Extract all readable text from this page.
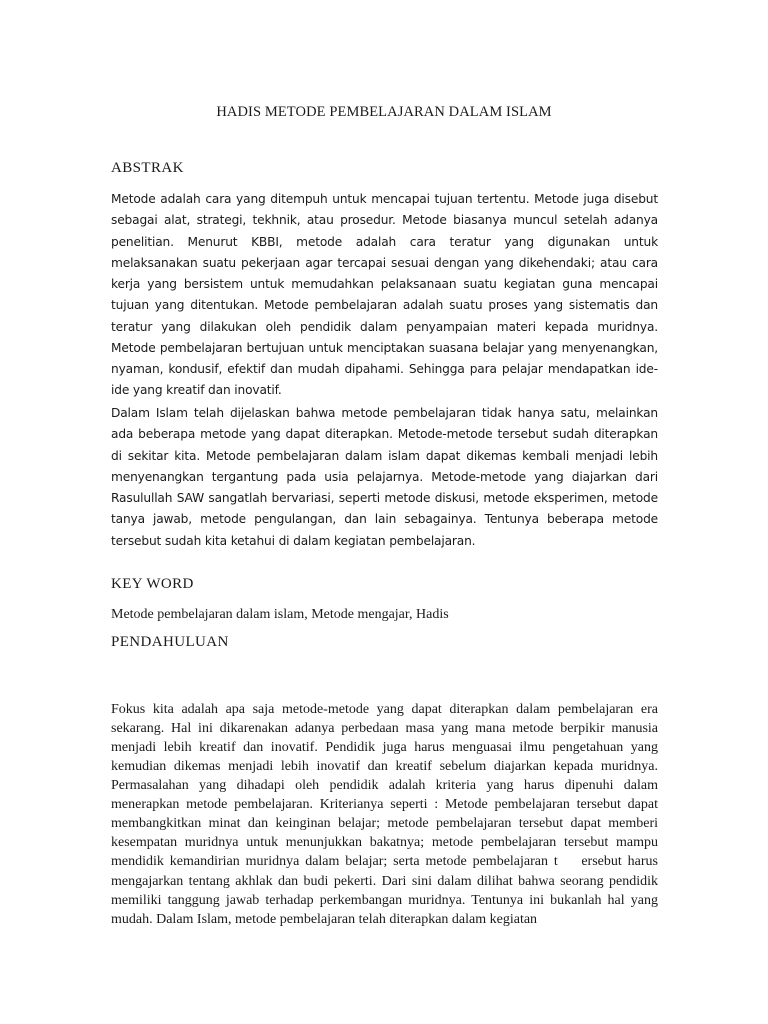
HADIS METODE PEMBELAJARAN DALAM ISLAM
ABSTRAK

Metode adalah cara yang ditempuh untuk mencapai tujuan tertentu. Metode juga disebut sebagai alat, strategi, tekhnik, atau prosedur. Metode biasanya muncul setelah adanya penelitian. Menurut KBBI, metode adalah cara teratur yang digunakan untuk melaksanakan suatu pekerjaan agar tercapai sesuai dengan yang dikehendaki; atau cara kerja yang bersistem untuk memudahkan pelaksanaan suatu kegiatan guna mencapai tujuan yang ditentukan. Metode pembelajaran adalah suatu proses yang sistematis dan teratur yang dilakukan oleh pendidik dalam penyampaian materi kepada muridnya. Metode pembelajaran bertujuan untuk menciptakan suasana belajar yang menyenangkan, nyaman, kondusif, efektif dan mudah dipahami. Sehingga para pelajar mendapatkan ide-ide yang kreatif dan inovatif.

Dalam Islam telah dijelaskan bahwa metode pembelajaran tidak hanya satu, melainkan ada beberapa metode yang dapat diterapkan. Metode-metode tersebut sudah diterapkan di sekitar kita. Metode pembelajaran dalam islam dapat dikemas kembali menjadi lebih menyenangkan tergantung pada usia pelajarnya. Metode-metode yang diajarkan dari Rasulullah SAW sangatlah bervariasi, seperti metode diskusi, metode eksperimen, metode tanya jawab, metode pengulangan, dan lain sebagainya. Tentunya beberapa metode tersebut sudah kita ketahui di dalam kegiatan pembelajaran.

KEY WORD
Metode pembelajaran dalam islam, Metode mengajar, Hadis
PENDAHULUAN

Fokus kita adalah apa saja metode-metode yang dapat diterapkan dalam pembelajaran era sekarang. Hal ini dikarenakan adanya perbedaan masa yang mana metode berpikir manusia menjadi lebih kreatif dan inovatif. Pendidik juga harus menguasai ilmu pengetahuan yang kemudian dikemas menjadi lebih inovatif dan kreatif sebelum diajarkan kepada muridnya. Permasalahan yang dihadapi oleh pendidik adalah kriteria yang harus dipenuhi dalam menerapkan metode pembelajaran. Kriterianya seperti : Metode pembelajaran tersebut dapat membangkitkan minat dan keinginan belajar; metode pembelajaran tersebut dapat memberi kesempatan muridnya untuk menunjukkan bakatnya; metode pembelajaran tersebut mampu mendidik kemandirian muridnya dalam belajar; serta metode pembelajaran t    ersebut harus mengajarkan tentang akhlak dan budi pekerti. Dari sini dalam dilihat bahwa seorang pendidik memiliki tanggung jawab terhadap perkembangan muridnya. Tentunya ini bukanlah hal yang mudah. Dalam Islam, metode pembelajaran telah diterapkan dalam kegiatan
